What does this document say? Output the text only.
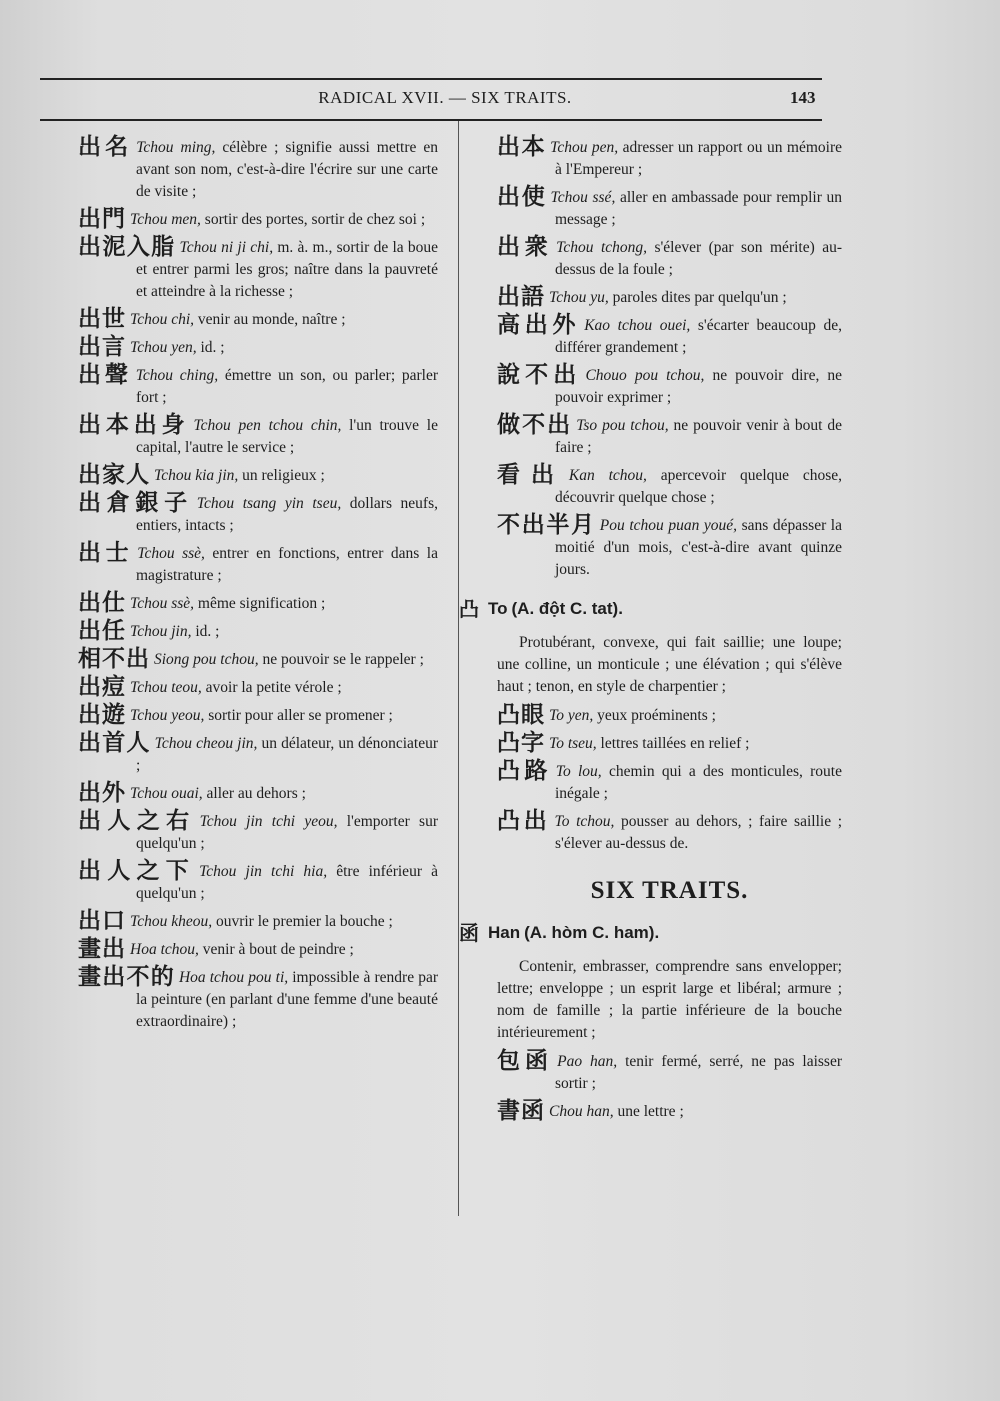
RADICAL XVII. — SIX TRAITS.	143
出名 Tchou ming, célèbre ; signifie aussi mettre en avant son nom, c'est-à-dire l'écrire sur une carte de visite ;
出門 Tchou men, sortir des portes, sortir de chez soi ;
出泥入脂 Tchou ni ji chi, m. à. m., sortir de la boue et entrer parmi les gros; naître dans la pauvreté et atteindre à la richesse ;
出世 Tchou chi, venir au monde, naître ;
出言 Tchou yen, id. ;
出聲 Tchou ching, émettre un son, ou parler; parler fort ;
出本出身 Tchou pen tchou chin, l'un trouve le capital, l'autre le service ;
出家人 Tchou kia jin, un religieux ;
出倉銀子 Tchou tsang yin tseu, dollars neufs, entiers, intacts ;
出士 Tchou ssè, entrer en fonctions, entrer dans la magistrature ;
出仕 Tchou ssè, même signification ;
出任 Tchou jin, id. ;
相不出 Siong pou tchou, ne pouvoir se le rappeler ;
出痘 Tchou teou, avoir la petite vérole ;
出遊 Tchou yeou, sortir pour aller se promener ;
出首人 Tchou cheou jin, un délateur, un dénonciateur ;
出外 Tchou ouai, aller au dehors ;
出人之右 Tchou jin tchi yeou, l'emporter sur quelqu'un ;
出人之下 Tchou jin tchi hia, être inférieur à quelqu'un ;
出口 Tchou kheou, ouvrir le premier la bouche ;
畫出 Hoa tchou, venir à bout de peindre ;
畫出不的 Hoa tchou pou ti, impossible à rendre par la peinture (en parlant d'une femme d'une beauté extraordinaire) ;
出本 Tchou pen, adresser un rapport ou un mémoire à l'Empereur ;
出使 Tchou ssé, aller en ambassade pour remplir un message ;
出衆 Tchou tchong, s'élever (par son mérite) au-dessus de la foule ;
出語 Tchou yu, paroles dites par quelqu'un ;
高出外 Kao tchou ouei, s'écarter beaucoup de, différer grandement ;
說不出 Chouo pou tchou, ne pouvoir dire, ne pouvoir exprimer ;
做不出 Tso pou tchou, ne pouvoir venir à bout de faire ;
看出 Kan tchou, apercevoir quelque chose, découvrir quelque chose ;
不出半月 Pou tchou puan youé, sans dépasser la moitié d'un mois, c'est-à-dire avant quinze jours.
凸 To (A. đột C. tat).

Protubérant, convexe, qui fait saillie; une loupe; une colline, un monticule ; une élévation ; qui s'élève haut ; tenon, en style de charpentier ;

凸眼 To yen, yeux proéminents ;
凸字 To tseu, lettres taillées en relief ;
凸路 To lou, chemin qui a des monticules, route inégale ;
凸出 To tchou, pousser au dehors, ; faire saillie ; s'élever au-dessus de.
SIX TRAITS.
函 Han (A. hòm C. ham).

Contenir, embrasser, comprendre sans envelopper; lettre; enveloppe ; un esprit large et libéral; armure ; nom de famille ; la partie inférieure de la bouche intérieurement ;

包函 Pao han, tenir fermé, serré, ne pas laisser sortir ;
書函 Chou han, une lettre ;
